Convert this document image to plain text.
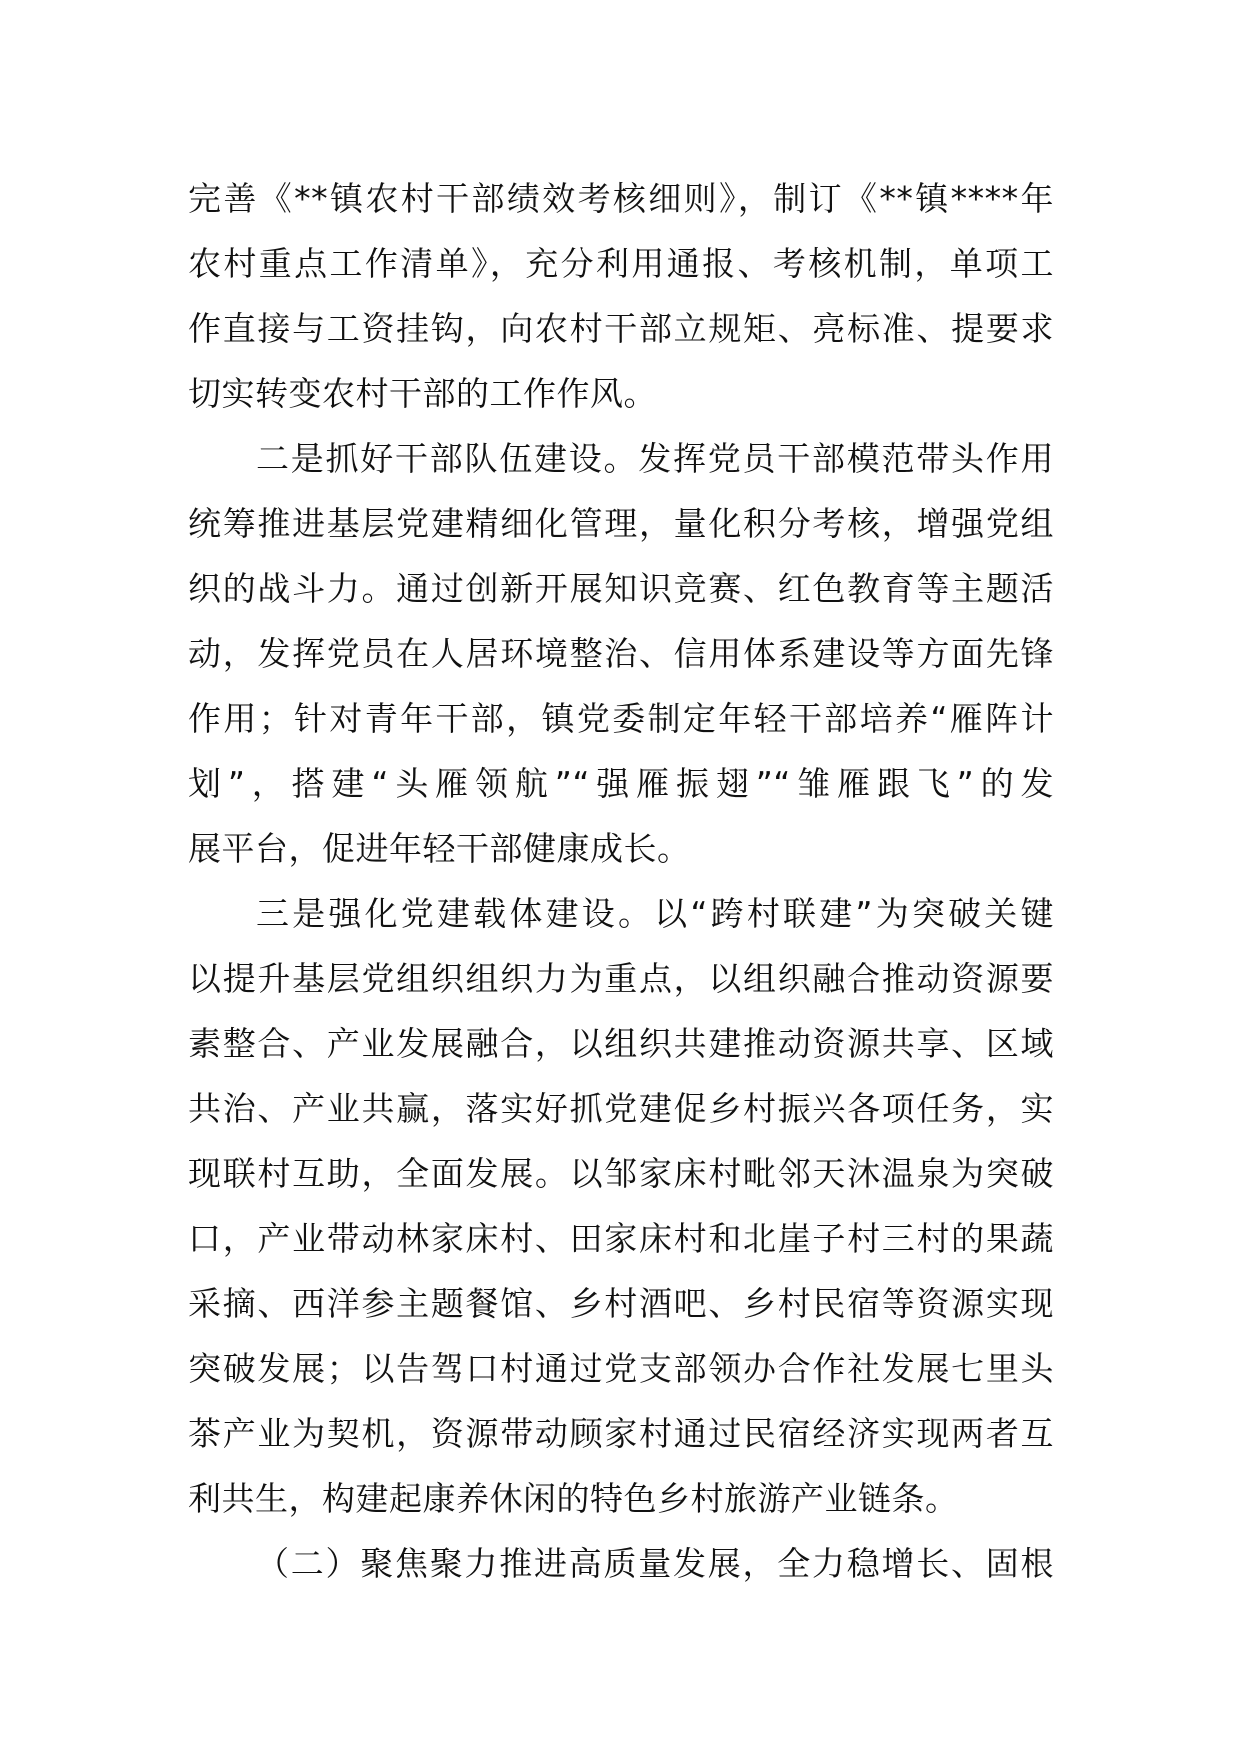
完善《**镇农村干部绩效考核细则》，制订《**镇****年
农村重点工作清单》，充分利用通报、考核机制，单项工
作直接与工资挂钩，向农村干部立规矩、亮标准、提要求
切实转变农村干部的工作作风。
二是抓好干部队伍建设。发挥党员干部模范带头作用
统筹推进基层党建精细化管理，量化积分考核，增强党组
织的战斗力。通过创新开展知识竞赛、红色教育等主题活
动，发挥党员在人居环境整治、信用体系建设等方面先锋
作用；针对青年干部，镇党委制定年轻干部培养“雁阵计
划”，搭建“头雁领航”“强雁振翅”“雏雁跟飞”的发
展平台，促进年轻干部健康成长。
三是强化党建载体建设。以“跨村联建”为突破关键
以提升基层党组织组织力为重点，以组织融合推动资源要
素整合、产业发展融合，以组织共建推动资源共享、区域
共治、产业共赢，落实好抓党建促乡村振兴各项任务，实
现联村互助，全面发展。以邹家床村毗邻天沐温泉为突破
口，产业带动林家床村、田家床村和北崖子村三村的果蔬
采摘、西洋参主题餐馆、乡村酒吧、乡村民宿等资源实现
突破发展；以告驾口村通过党支部领办合作社发展七里头
茶产业为契机，资源带动顾家村通过民宿经济实现两者互
利共生，构建起康养休闲的特色乡村旅游产业链条。
（二）聚焦聚力推进高质量发展，全力稳增长、固根
